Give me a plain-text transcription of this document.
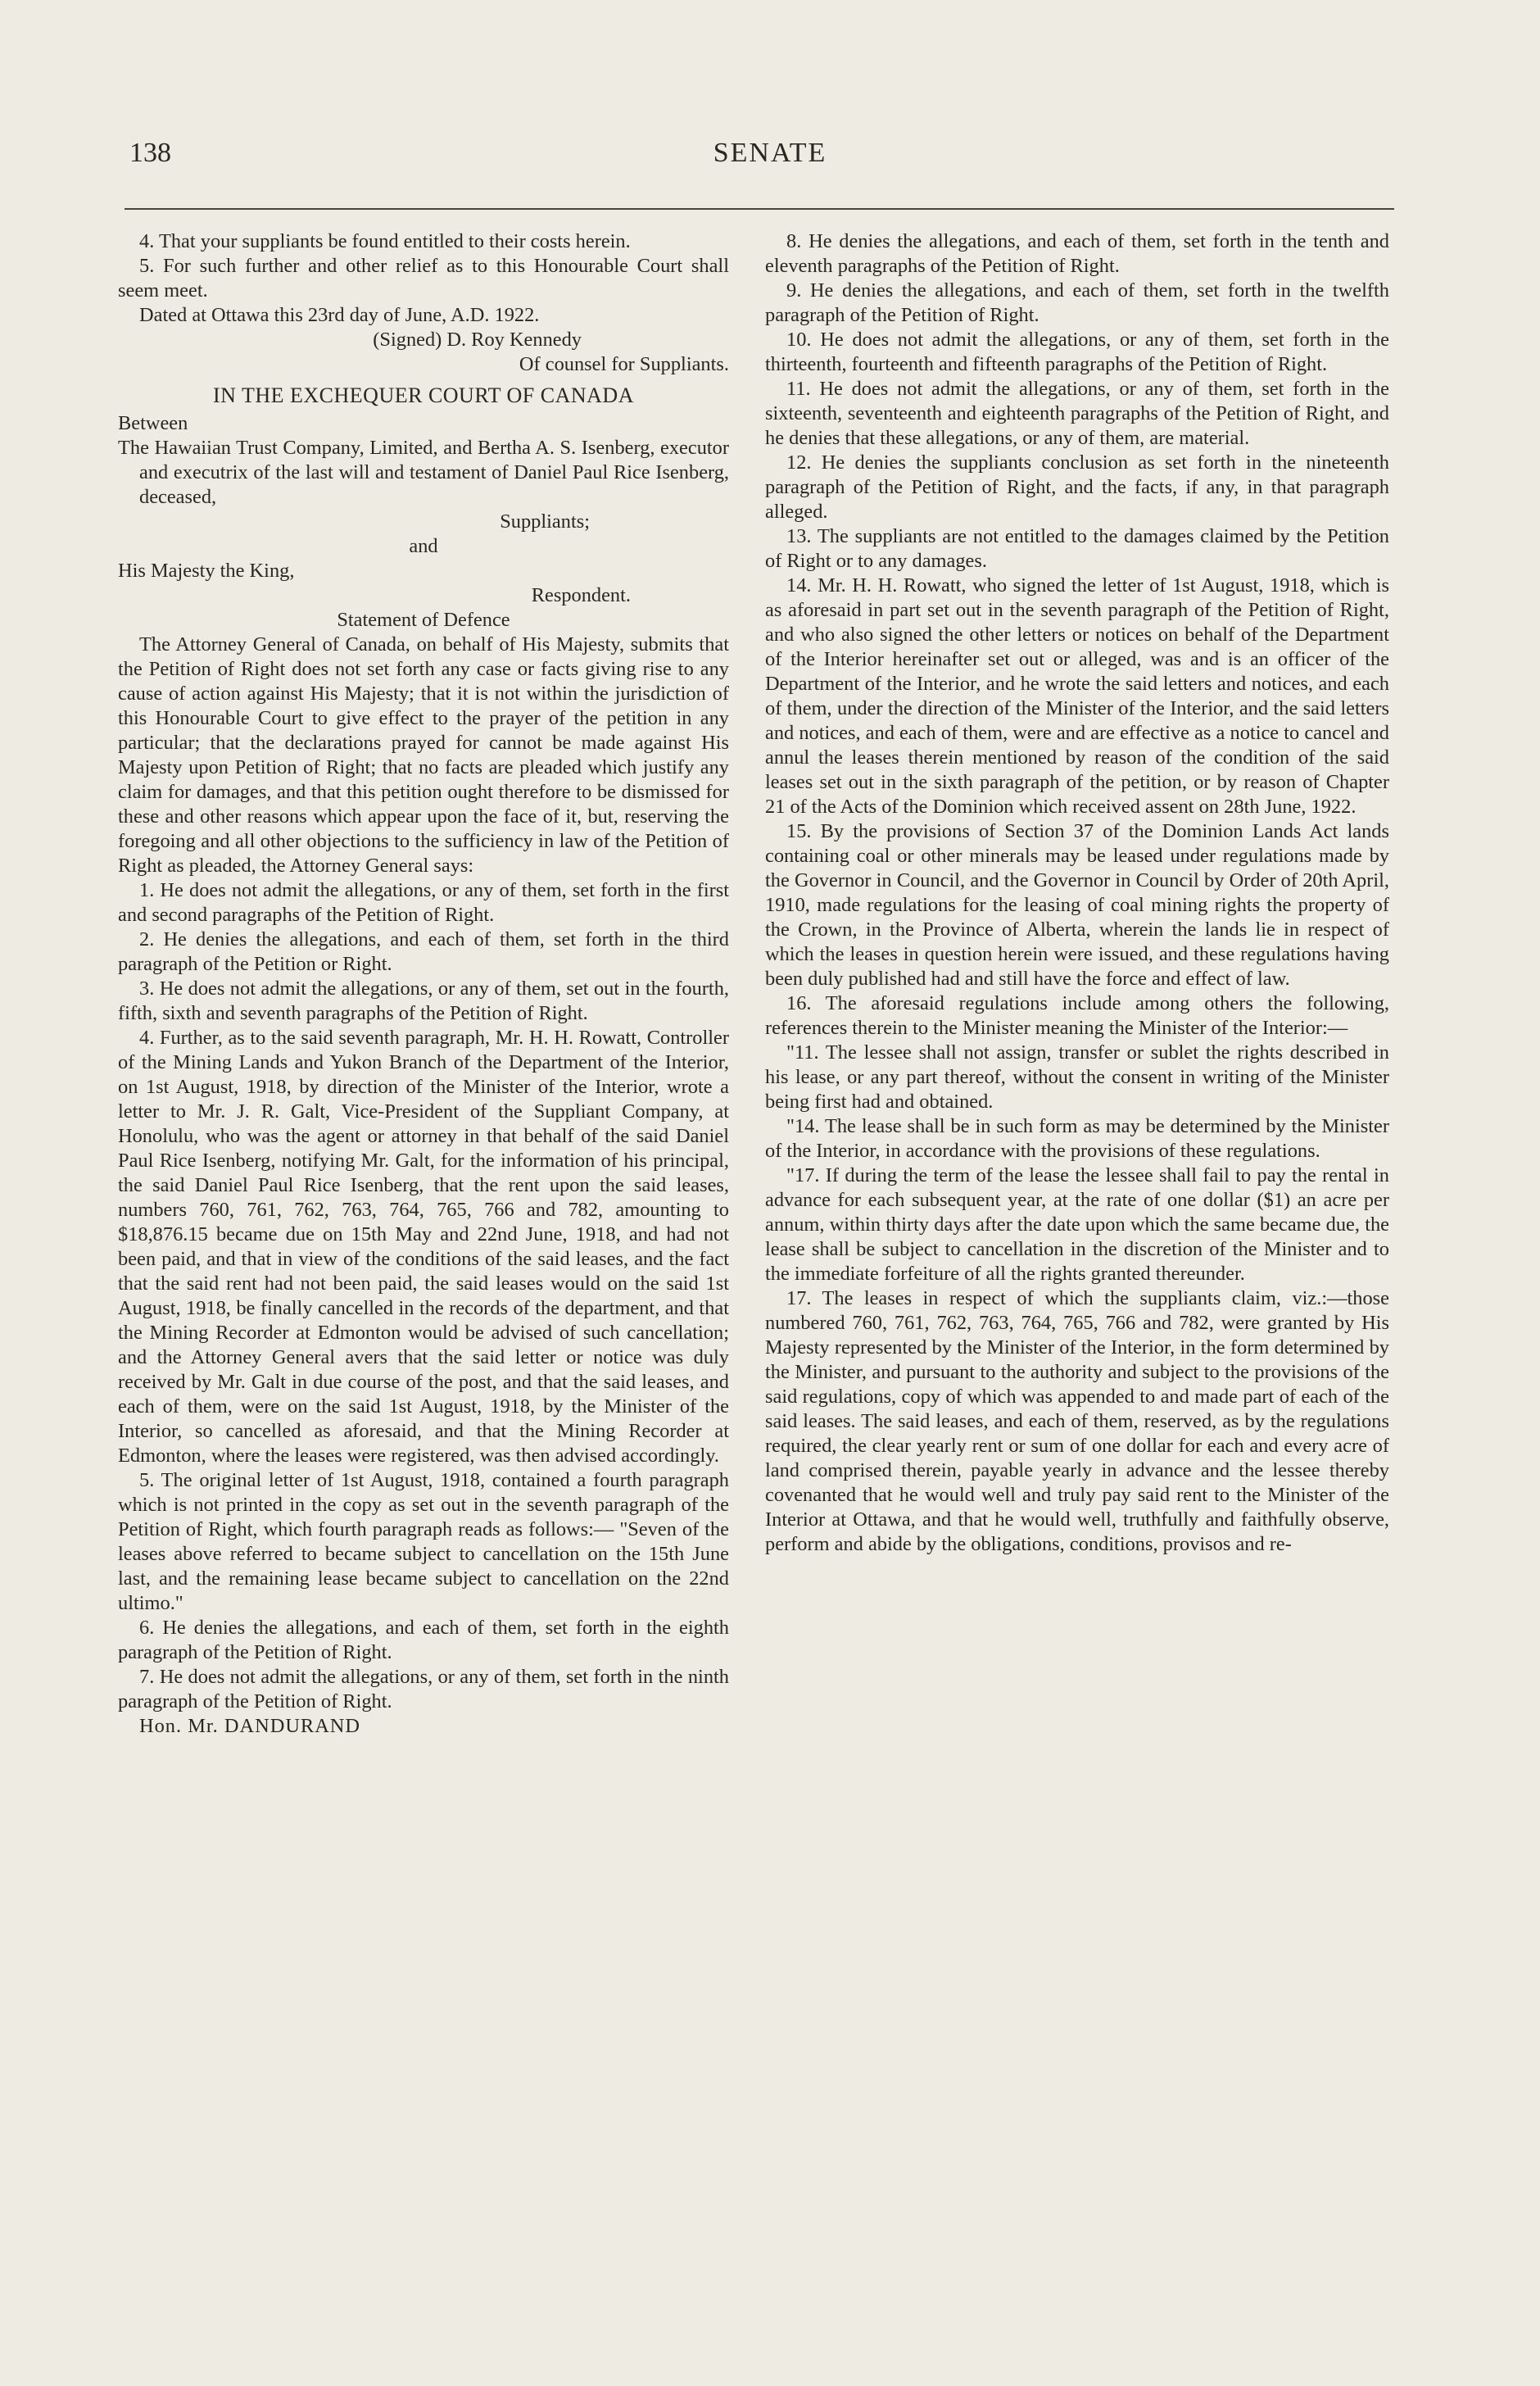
138	SENATE

4. That your suppliants be found entitled to their costs herein.

5. For such further and other relief as to this Honourable Court shall seem meet.

Dated at Ottawa this 23rd day of June, A.D. 1922.

(Signed) D. Roy Kennedy

Of counsel for Suppliants.

IN THE EXCHEQUER COURT OF CANADA

Between

The Hawaiian Trust Company, Limited, and Bertha A. S. Isenberg, executor and executrix of the last will and testament of Daniel Paul Rice Isenberg, deceased,

Suppliants;

and

His Majesty the King,

Respondent.

Statement of Defence

The Attorney General of Canada, on behalf of His Majesty, submits that the Petition of Right does not set forth any case or facts giving rise to any cause of action against His Majesty; that it is not within the jurisdiction of this Honourable Court to give effect to the prayer of the petition in any particular; that the declarations prayed for cannot be made against His Majesty upon Petition of Right; that no facts are pleaded which justify any claim for damages, and that this petition ought therefore to be dismissed for these and other reasons which appear upon the face of it, but, reserving the foregoing and all other objections to the sufficiency in law of the Petition of Right as pleaded, the Attorney General says:

1. He does not admit the allegations, or any of them, set forth in the first and second paragraphs of the Petition of Right.

2. He denies the allegations, and each of them, set forth in the third paragraph of the Petition or Right.

3. He does not admit the allegations, or any of them, set out in the fourth, fifth, sixth and seventh paragraphs of the Petition of Right.

4. Further, as to the said seventh paragraph, Mr. H. H. Rowatt, Controller of the Mining Lands and Yukon Branch of the Department of the Interior, on 1st August, 1918, by direction of the Minister of the Interior, wrote a letter to Mr. J. R. Galt, Vice-President of the Suppliant Company, at Honolulu, who was the agent or attorney in that behalf of the said Daniel Paul Rice Isenberg, notifying Mr. Galt, for the information of his principal, the said Daniel Paul Rice Isenberg, that the rent upon the said leases, numbers 760, 761, 762, 763, 764, 765, 766 and 782, amounting to $18,876.15 became due on 15th May and 22nd June, 1918, and had not been paid, and that in view of the conditions of the said leases, and the fact that the said rent had not been paid, the said leases would on the said 1st August, 1918, be finally cancelled in the records of the department, and that the Mining Recorder at Edmonton would be advised of such cancellation; and the Attorney General avers that the said letter or notice was duly received by Mr. Galt in due course of the post, and that the said leases, and each of them, were on the said 1st August, 1918, by the Minister of the Interior, so cancelled as aforesaid, and that the Mining Recorder at Edmonton, where the leases were registered, was then advised accordingly.

5. The original letter of 1st August, 1918, contained a fourth paragraph which is not printed in the copy as set out in the seventh paragraph of the Petition of Right, which fourth paragraph reads as follows:— "Seven of the leases above referred to became subject to cancellation on the 15th June last, and the remaining lease became subject to cancellation on the 22nd ultimo."

6. He denies the allegations, and each of them, set forth in the eighth paragraph of the Petition of Right.

7. He does not admit the allegations, or any of them, set forth in the ninth paragraph of the Petition of Right.

Hon. Mr. DANDURAND

8. He denies the allegations, and each of them, set forth in the tenth and eleventh paragraphs of the Petition of Right.

9. He denies the allegations, and each of them, set forth in the twelfth paragraph of the Petition of Right.

10. He does not admit the allegations, or any of them, set forth in the thirteenth, fourteenth and fifteenth paragraphs of the Petition of Right.

11. He does not admit the allegations, or any of them, set forth in the sixteenth, seventeenth and eighteenth paragraphs of the Petition of Right, and he denies that these allegations, or any of them, are material.

12. He denies the suppliants conclusion as set forth in the nineteenth paragraph of the Petition of Right, and the facts, if any, in that paragraph alleged.

13. The suppliants are not entitled to the damages claimed by the Petition of Right or to any damages.

14. Mr. H. H. Rowatt, who signed the letter of 1st August, 1918, which is as aforesaid in part set out in the seventh paragraph of the Petition of Right, and who also signed the other letters or notices on behalf of the Department of the Interior hereinafter set out or alleged, was and is an officer of the Department of the Interior, and he wrote the said letters and notices, and each of them, under the direction of the Minister of the Interior, and the said letters and notices, and each of them, were and are effective as a notice to cancel and annul the leases therein mentioned by reason of the condition of the said leases set out in the sixth paragraph of the petition, or by reason of Chapter 21 of the Acts of the Dominion which received assent on 28th June, 1922.

15. By the provisions of Section 37 of the Dominion Lands Act lands containing coal or other minerals may be leased under regulations made by the Governor in Council, and the Governor in Council by Order of 20th April, 1910, made regulations for the leasing of coal mining rights the property of the Crown, in the Province of Alberta, wherein the lands lie in respect of which the leases in question herein were issued, and these regulations having been duly published had and still have the force and effect of law.

16. The aforesaid regulations include among others the following, references therein to the Minister meaning the Minister of the Interior:—

"11. The lessee shall not assign, transfer or sublet the rights described in his lease, or any part thereof, without the consent in writing of the Minister being first had and obtained.

"14. The lease shall be in such form as may be determined by the Minister of the Interior, in accordance with the provisions of these regulations.

"17. If during the term of the lease the lessee shall fail to pay the rental in advance for each subsequent year, at the rate of one dollar ($1) an acre per annum, within thirty days after the date upon which the same became due, the lease shall be subject to cancellation in the discretion of the Minister and to the immediate forfeiture of all the rights granted thereunder.

17. The leases in respect of which the suppliants claim, viz.:—those numbered 760, 761, 762, 763, 764, 765, 766 and 782, were granted by His Majesty represented by the Minister of the Interior, in the form determined by the Minister, and pursuant to the authority and subject to the provisions of the said regulations, copy of which was appended to and made part of each of the said leases. The said leases, and each of them, reserved, as by the regulations required, the clear yearly rent or sum of one dollar for each and every acre of land comprised therein, payable yearly in advance and the lessee thereby covenanted that he would well and truly pay said rent to the Minister of the Interior at Ottawa, and that he would well, truthfully and faithfully observe, perform and abide by the obligations, conditions, provisos and re-
